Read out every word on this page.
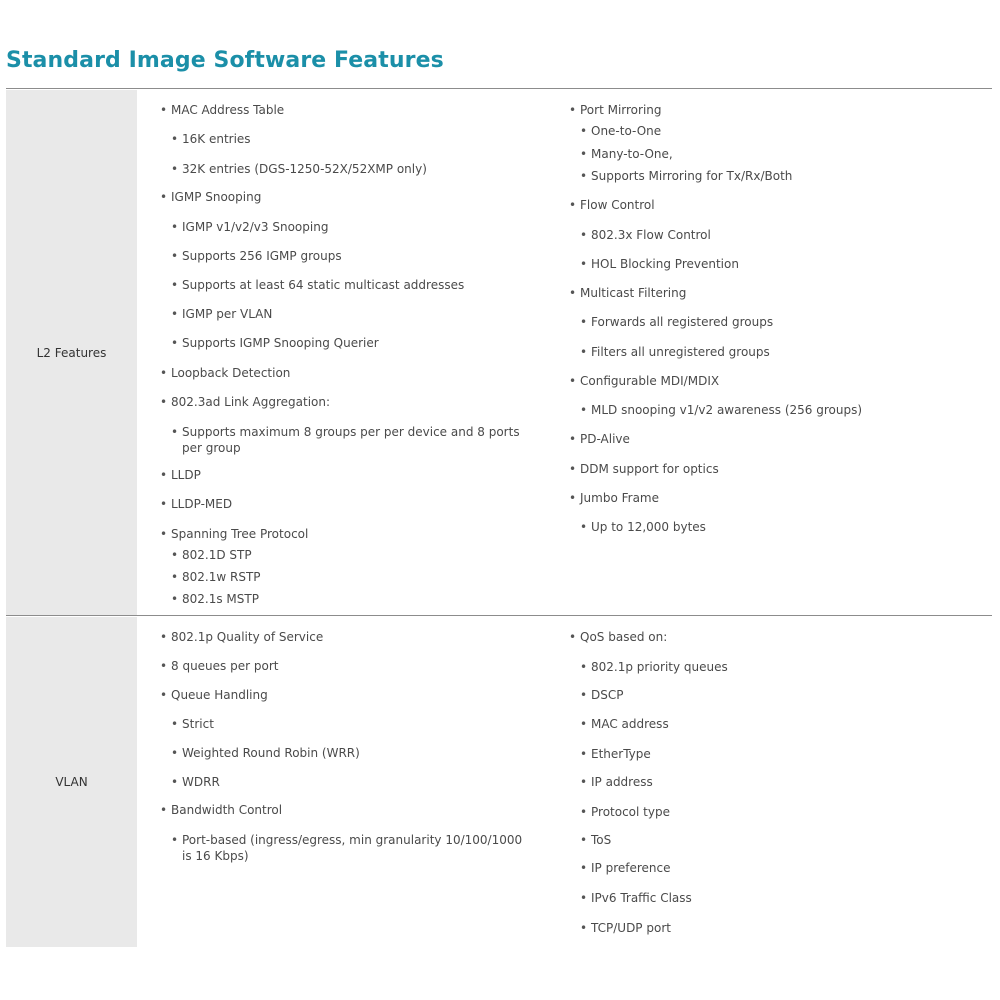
Standard Image Software Features
L2 Features
• MAC Address Table
• 16K entries
• 32K entries (DGS-1250-52X/52XMP only)
• IGMP Snooping
• IGMP v1/v2/v3 Snooping
• Supports 256 IGMP groups
• Supports at least 64 static multicast addresses
• IGMP per VLAN
• Supports IGMP Snooping Querier
• Loopback Detection
• 802.3ad Link Aggregation:
• Supports maximum 8 groups per per device and 8 ports per group
• LLDP
• LLDP-MED
• Spanning Tree Protocol
• 802.1D STP
• 802.1w RSTP
• 802.1s MSTP
• Port Mirroring
• One-to-One
• Many-to-One,
• Supports Mirroring for Tx/Rx/Both
• Flow Control
• 802.3x Flow Control
• HOL Blocking Prevention
• Multicast Filtering
• Forwards all registered groups
• Filters all unregistered groups
• Configurable MDI/MDIX
• MLD snooping v1/v2 awareness (256 groups)
• PD-Alive
• DDM support for optics
• Jumbo Frame
• Up to 12,000 bytes
VLAN
• 802.1p Quality of Service
• 8 queues per port
• Queue Handling
• Strict
• Weighted Round Robin (WRR)
• WDRR
• Bandwidth Control
• Port-based (ingress/egress, min granularity 10/100/1000 is 16 Kbps)
• QoS based on:
• 802.1p priority queues
• DSCP
• MAC address
• EtherType
• IP address
• Protocol type
• ToS
• IP preference
• IPv6 Traffic Class
• TCP/UDP port
